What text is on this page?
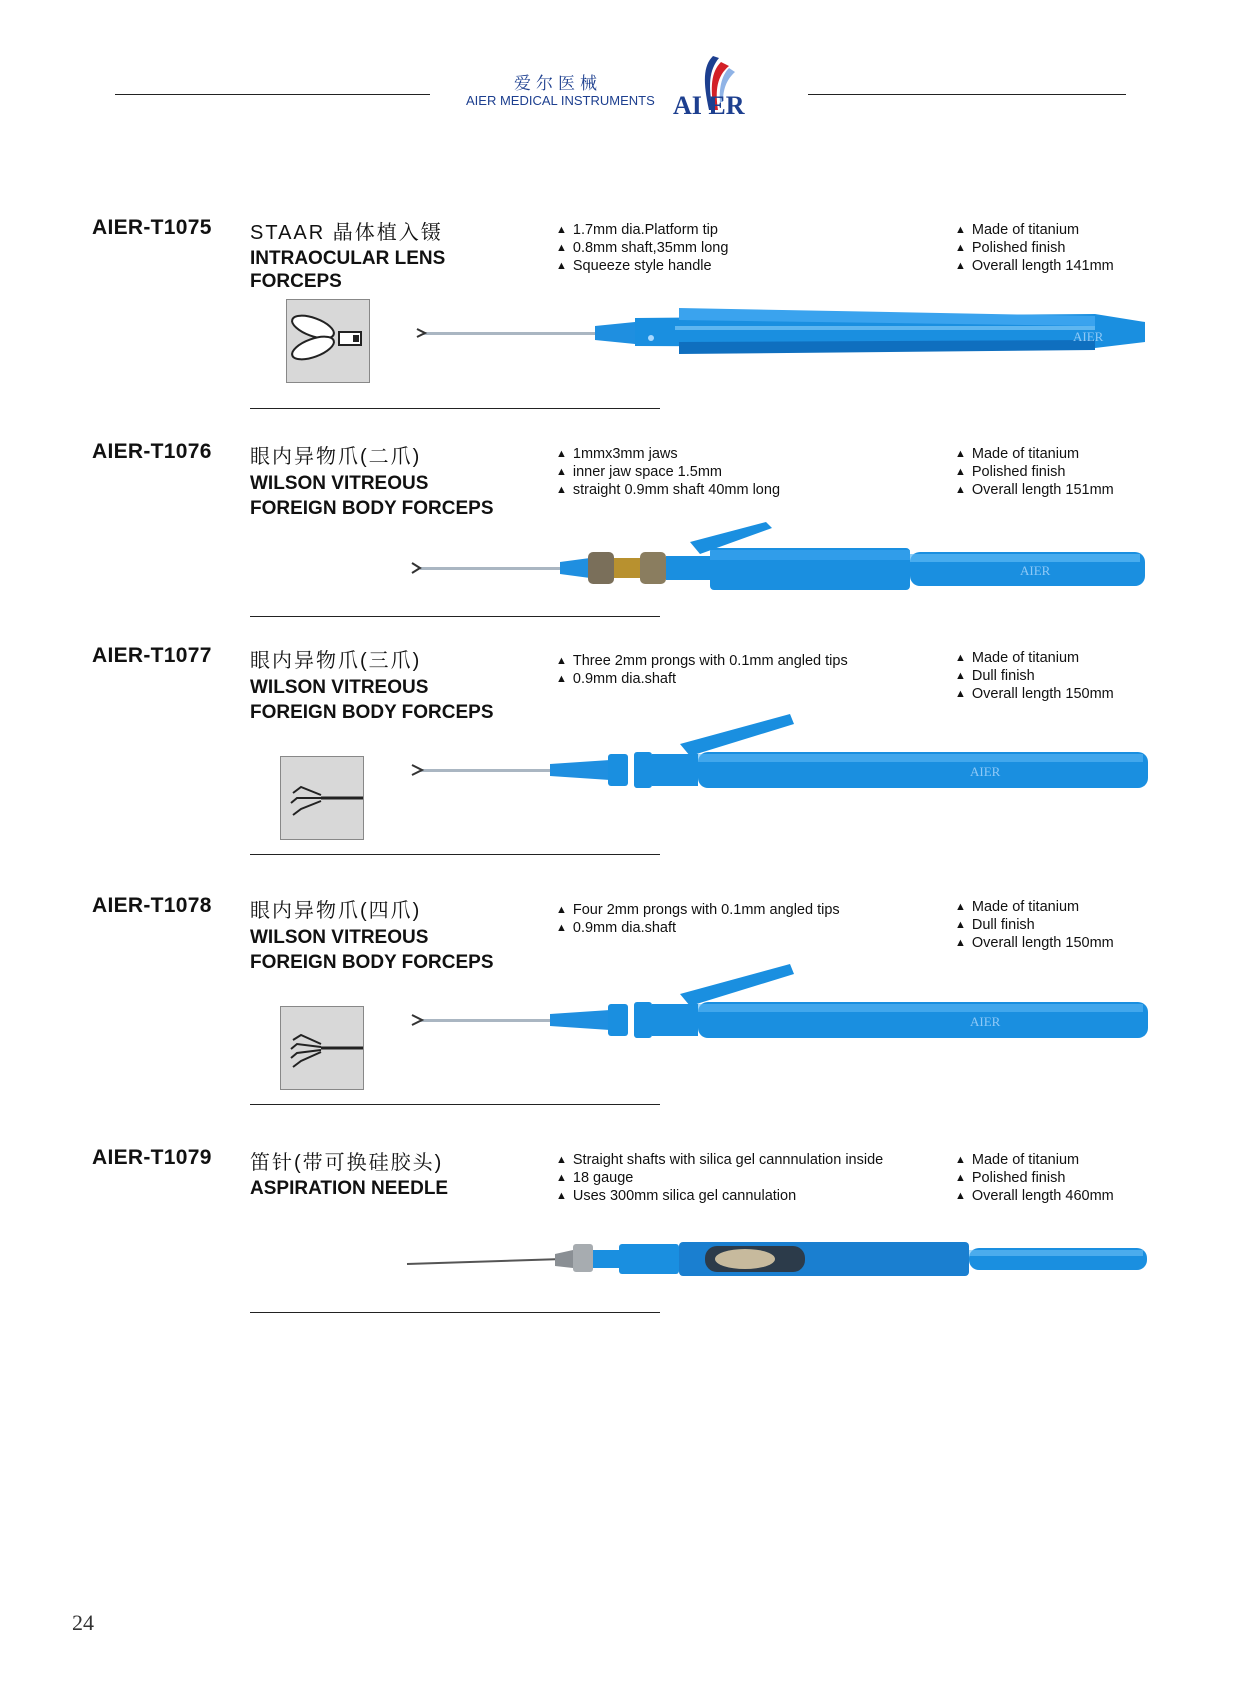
爱尔医械
AIER MEDICAL INSTRUMENTS AI ER
AIER-T1075 STAAR 晶体植入镊
INTRAOCULAR LENS
FORCEPS
▲ 1.7mm dia.Platform tip
▲ 0.8mm shaft,35mm long
▲ Squeeze style handle
▲ Made of titanium
▲ Polished finish
▲ Overall length 141mm
AIER
AIER-T1076 眼内异物爪(二爪)
WILSON VITREOUS
FOREIGN BODY FORCEPS
▲ 1mmx3mm jaws
▲ inner jaw space 1.5mm
▲ straight 0.9mm shaft 40mm long
▲ Made of titanium
▲ Polished finish
▲ Overall length 151mm
AIER
AIER-T1077 眼内异物爪(三爪)
WILSON VITREOUS
FOREIGN BODY FORCEPS
▲ Three 2mm prongs with 0.1mm angled tips
▲ 0.9mm dia.shaft
▲ Made of titanium
▲ Dull finish
▲ Overall length 150mm
AIER
AIER-T1078 眼内异物爪(四爪)
WILSON VITREOUS
FOREIGN BODY FORCEPS
▲ Four 2mm prongs with 0.1mm angled tips
▲ 0.9mm dia.shaft
▲ Made of titanium
▲ Dull finish
▲ Overall length 150mm
AIER
AIER-T1079 笛针(带可换硅胶头)
ASPIRATION NEEDLE
▲ Straight shafts with silica gel cannnulation inside
▲ 18 gauge
▲ Uses 300mm silica gel cannulation
▲ Made of titanium
▲ Polished finish
▲ Overall length 460mm
24
